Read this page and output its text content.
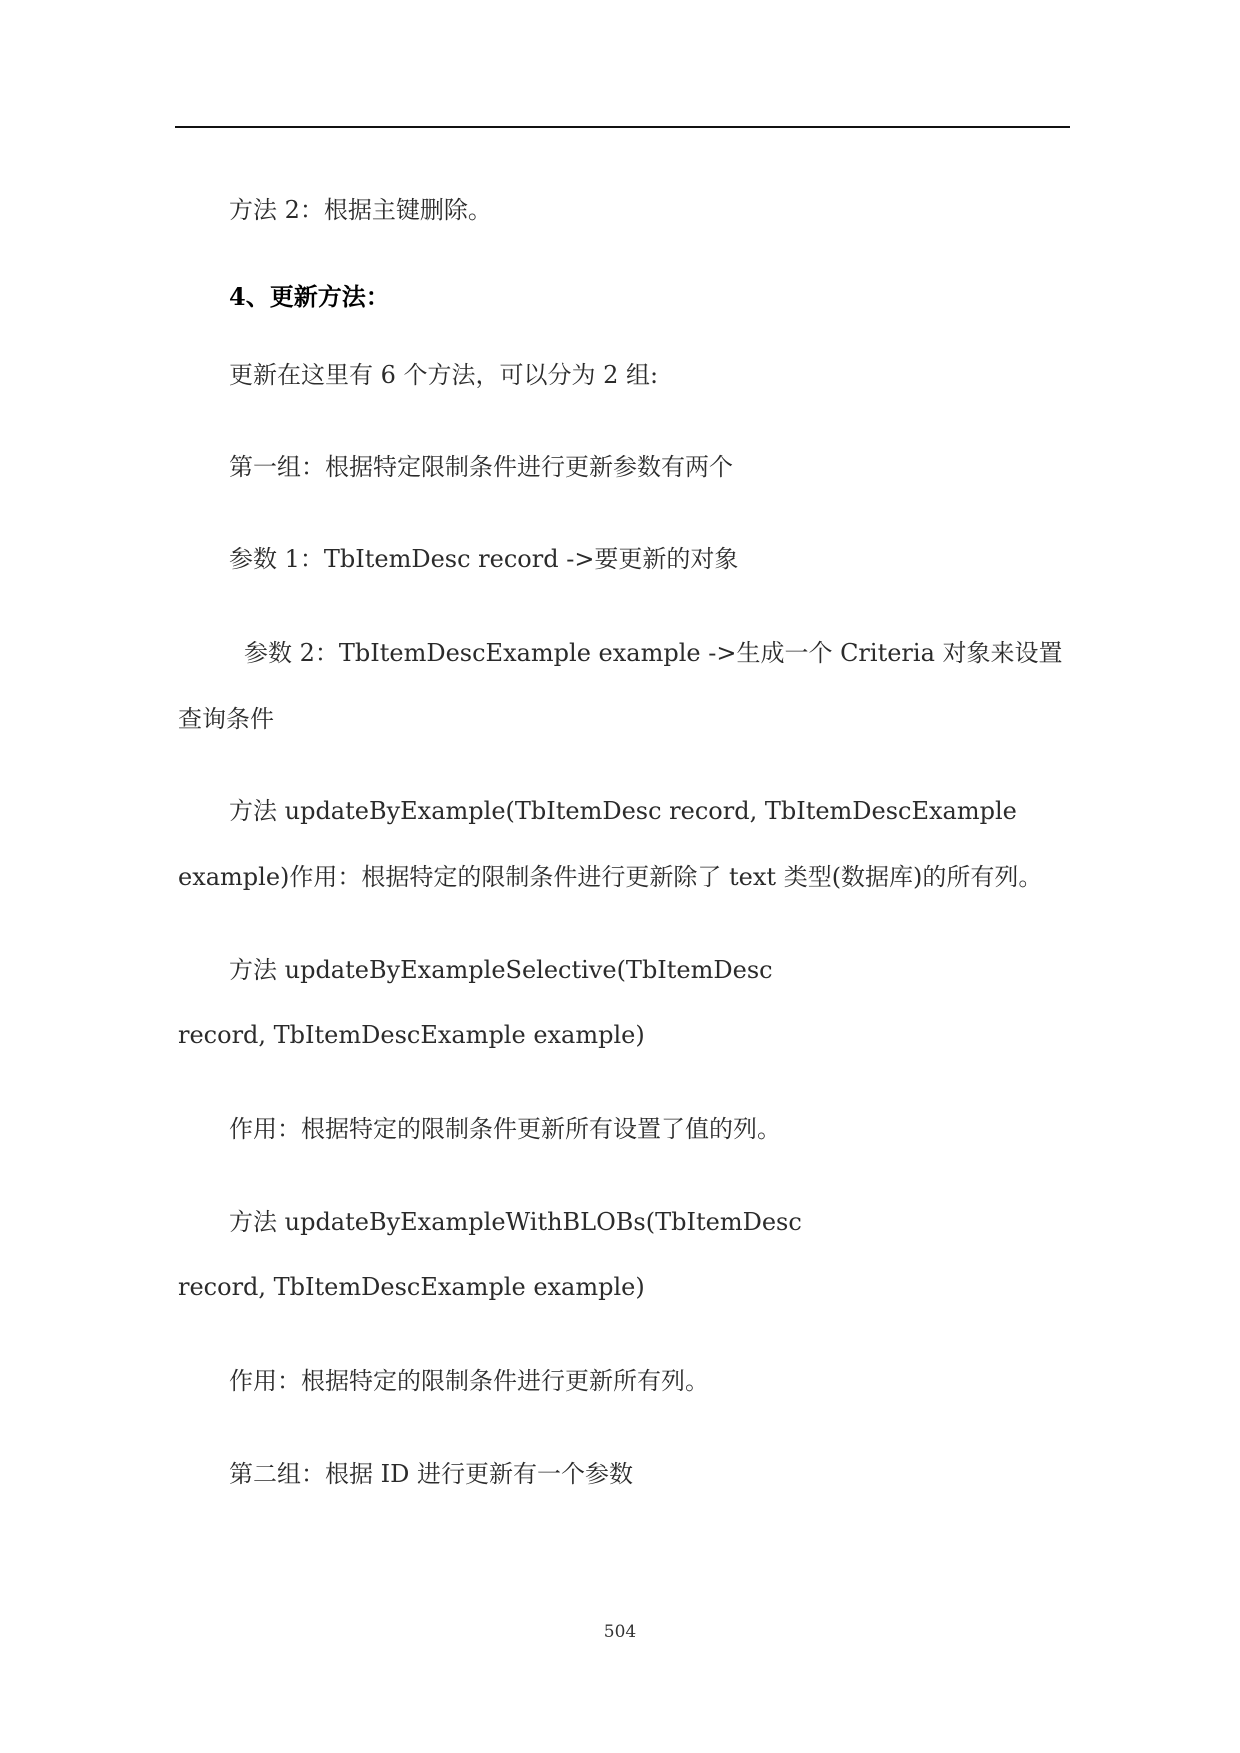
方法 2：根据主键删除。
4、更新方法：
更新在这里有 6 个方法，可以分为 2 组:
第一组：根据特定限制条件进行更新参数有两个
参数 1：TbItemDesc record ->要更新的对象
参数 2：TbItemDescExample example ->生成一个 Criteria 对象来设置
查询条件
方法 updateByExample(TbItemDesc record, TbItemDescExample
example)作用：根据特定的限制条件进行更新除了 text 类型(数据库)的所有列。
方法 updateByExampleSelective(TbItemDesc
record, TbItemDescExample example)
作用：根据特定的限制条件更新所有设置了值的列。
方法 updateByExampleWithBLOBs(TbItemDesc
record, TbItemDescExample example)
作用：根据特定的限制条件进行更新所有列。
第二组：根据 ID 进行更新有一个参数
504
